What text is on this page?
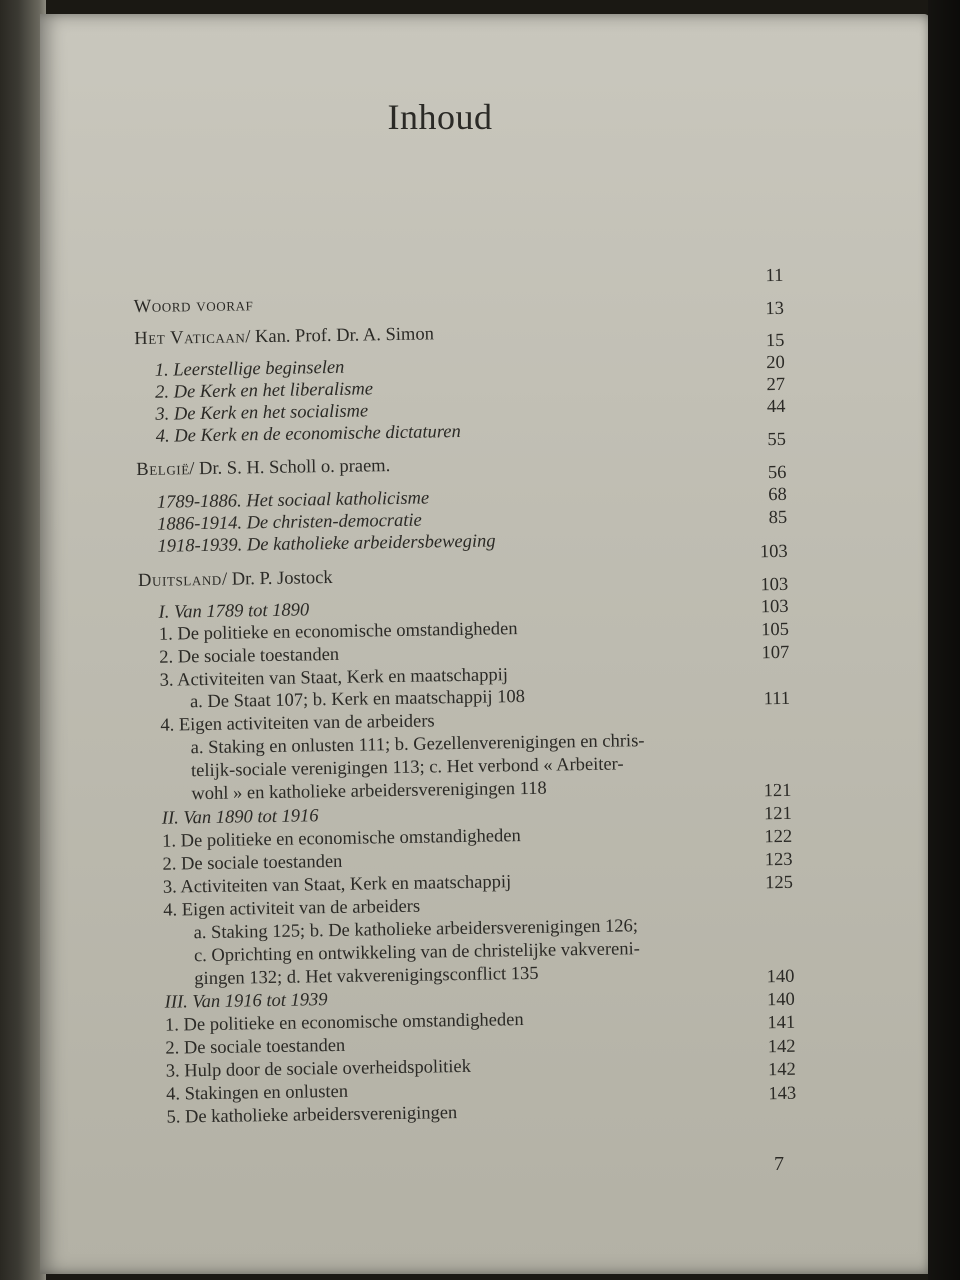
Inhoud
Woord vooraf
11
Het Vaticaan / Kan. Prof. Dr. A. Simon
13
1. Leerstellige beginselen
15
2. De Kerk en het liberalisme
20
3. De Kerk en het socialisme
27
4. De Kerk en de economische dictaturen
44
België / Dr. S. H. Scholl o. praem.
55
1789-1886. Het sociaal katholicisme
56
1886-1914. De christen-democratie
68
1918-1939. De katholieke arbeidersbeweging
85
Duitsland / Dr. P. Jostock
103
I. Van 1789 tot 1890
103
1. De politieke en economische omstandigheden
103
2. De sociale toestanden
105
3. Activiteiten van Staat, Kerk en maatschappij
107
a. De Staat 107; b. Kerk en maatschappij 108
4. Eigen activiteiten van de arbeiders
111
a. Staking en onlusten 111; b. Gezellenverenigingen en chris-
telijk-sociale verenigingen 113; c. Het verbond « Arbeiter-
wohl » en katholieke arbeidersverenigingen 118
II. Van 1890 tot 1916
121
1. De politieke en economische omstandigheden
121
2. De sociale toestanden
122
3. Activiteiten van Staat, Kerk en maatschappij
123
4. Eigen activiteit van de arbeiders
125
a. Staking 125; b. De katholieke arbeidersverenigingen 126;
c. Oprichting en ontwikkeling van de christelijke vakvereni-
gingen 132; d. Het vakverenigingsconflict 135
III. Van 1916 tot 1939
140
1. De politieke en economische omstandigheden
140
2. De sociale toestanden
141
3. Hulp door de sociale overheidspolitiek
142
4. Stakingen en onlusten
142
5. De katholieke arbeidersverenigingen
143
7
